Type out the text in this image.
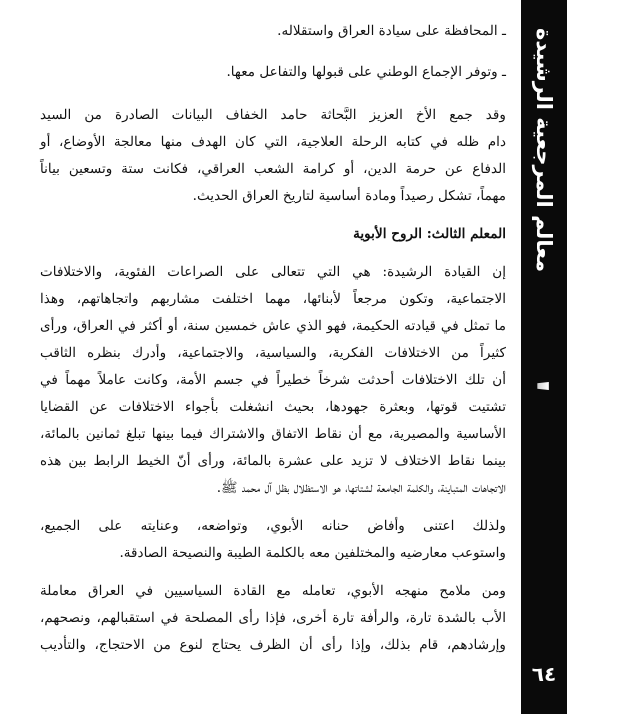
ـ المحافظة على سيادة العراق واستقلاله.

ـ وتوفر الإجماع الوطني على قبولها والتفاعل معها.

وقد جمع الأخ العزيز البَّحاثة حامد الخفاف البيانات الصادرة من السيد

دام ظله في كتابه الرحلة العلاجية، التي كان الهدف منها معالجة الأوضاع، أو

الدفاع عن حرمة الدين، أو كرامة الشعب العراقي، فكانت ستة وتسعين بياناً

مهماً، تشكل رصيداً ومادة أساسية لتاريخ العراق الحديث.

المعلم الثالث: الروح الأبوية

إن القيادة الرشيدة: هي التي تتعالى على الصراعات الفئوية، والاختلافات

الاجتماعية، وتكون مرجعاً لأبنائها، مهما اختلفت مشاربهم واتجاهاتهم، وهذا

ما تمثل في قيادته الحكيمة، فهو الذي عاش خمسين سنة، أو أكثر في العراق، ورأى

كثيراً من الاختلافات الفكرية، والسياسية، والاجتماعية، وأدرك بنظره الثاقب

أن تلك الاختلافات أحدثت شرخاً خطيراً في جسم الأمة، وكانت عاملاً مهماً في

تشتيت قوتها، وبعثرة جهودها، بحيث انشغلت بأجواء الاختلافات عن القضايا

الأساسية والمصيرية، مع أن نقاط الاتفاق والاشتراك فيما بينها تبلغ ثمانين بالمائة،

بينما نقاط الاختلاف لا تزيد على عشرة بالمائة، ورأى أنّ الخيط الرابط بين هذه

الاتجاهات المتباينة، والكلمة الجامعة لشتاتها، هو الاستظلال بظل آل محمد ﷺ.

ولذلك اعتنى وأفاض حنانه الأبوي، وتواضعه، وعنايته على الجميع،

واستوعب معارضيه والمختلفين معه بالكلمة الطيبة والنصيحة الصادقة.

ومن ملامح منهجه الأبوي، تعامله مع القادة السياسيين في العراق معاملة

الأب بالشدة تارة، والرأفة تارة أخرى، فإذا رأى المصلحة في استقبالهم، ونصحهم،

وإرشادهم، قام بذلك، وإذا رأى أن الظرف يحتاج لنوع من الاحتجاج، والتأديب

معالم المرجعية الرشيدة
٦٤
